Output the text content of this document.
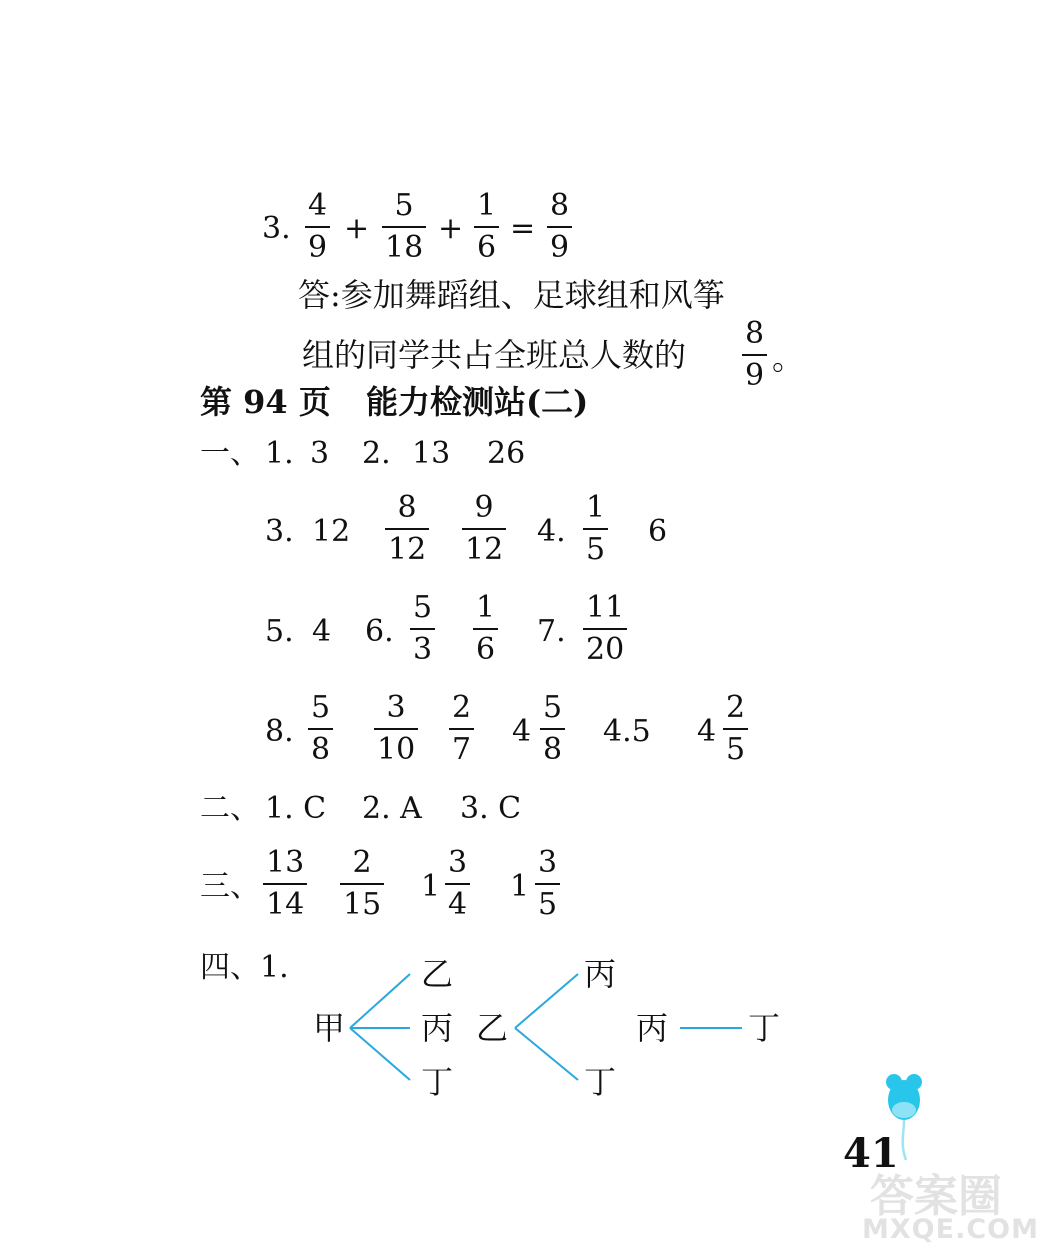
3. $\frac{4}{9} + \frac{5}{18} + \frac{1}{6} = \frac{8}{9}$
答:参加舞蹈组、足球组和风筝
组的同学共占全班总人数的 $\frac{8}{9}$ 。
第 94 页 能力检测站(二)
一、 1. 3 2. 13 26
3. $12 \frac{8}{12} \frac{9}{12} 4$. $\frac{1}{5} 6$
5. 4 6. $\frac{5}{3} \frac{1}{6} 7$. $\frac{11}{20}$
8. $\frac{5}{8} \frac{3}{10} \frac{2}{7} 4 \frac{5}{8} 4.5$ $4 \frac{2}{5}$
二、 1. C 2. A 3. C
三、 $\frac{13}{14} \frac{2}{15} 1 \frac{3}{4} 1 \frac{3}{5}$
四、1.
甲
乙
丙
丁
乙
丙
丁
丙 丁
41
答案圈
MXQE.COM
